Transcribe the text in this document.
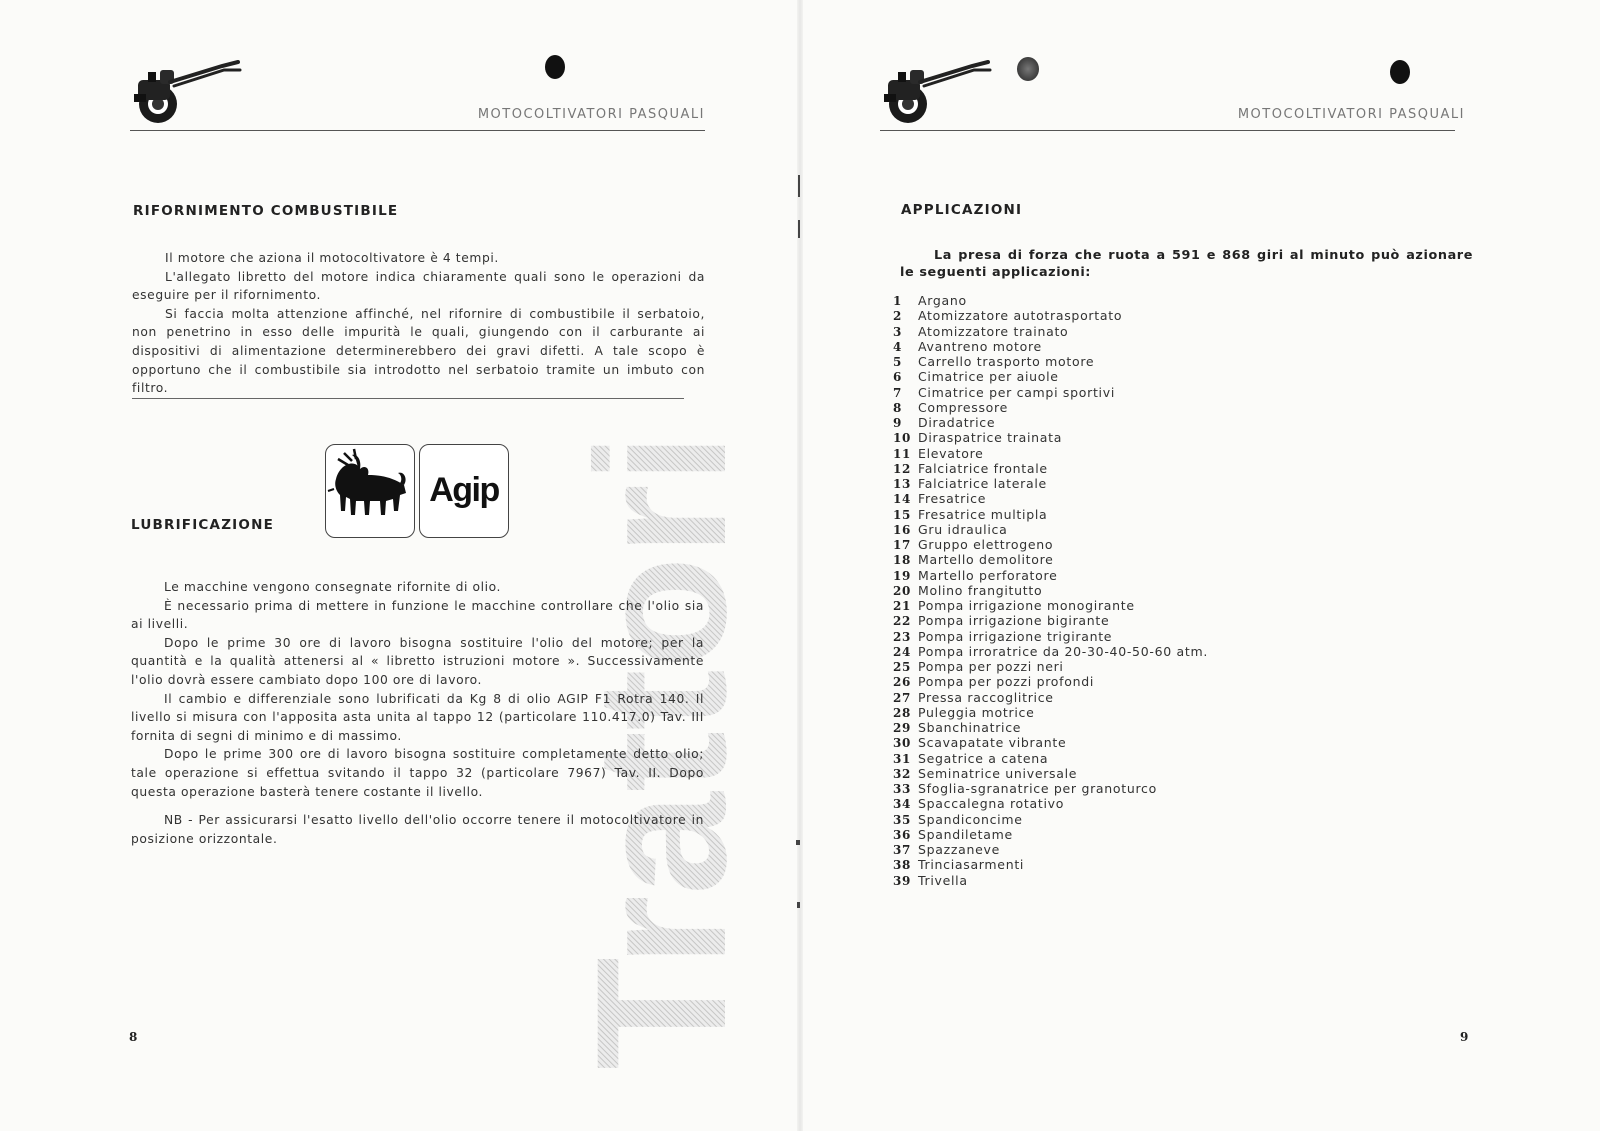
Trattori
MOTOCOLTIVATORI PASQUALI
RIFORNIMENTO COMBUSTIBILE

Il motore che aziona il motocoltivatore è 4 tempi.

L'allegato libretto del motore indica chiaramente quali sono le operazioni da eseguire per il rifornimento.

Si faccia molta attenzione affinché, nel rifornire di combustibile il serbatoio, non penetrino in esso delle impurità le quali, giungendo con il carburante ai dispositivi di alimentazione determinerebbero dei gravi difetti. A tale scopo è opportuno che il combustibile sia introdotto nel serbatoio tramite un imbuto con filtro.

Agip
LUBRIFICAZIONE

Le macchine vengono consegnate rifornite di olio.

È necessario prima di mettere in funzione le macchine controllare che l'olio sia ai livelli.

Dopo le prime 30 ore di lavoro bisogna sostituire l'olio del motore; per la quantità e la qualità attenersi al « libretto istruzioni motore ». Successivamente l'olio dovrà essere cambiato dopo 100 ore di lavoro.

Il cambio e differenziale sono lubrificati da Kg 8 di olio AGIP F1 Rotra 140. Il livello si misura con l'apposita asta unita al tappo 12 (particolare 110.417.0) Tav. III fornita di segni di minimo e di massimo.

Dopo le prime 300 ore di lavoro bisogna sostituire completamente detto olio; tale operazione si effettua svitando il tappo 32 (particolare 7967) Tav. II. Dopo questa operazione basterà tenere costante il livello.

NB - Per assicurarsi l'esatto livello dell'olio occorre tenere il motocoltivatore in posizione orizzontale.

8
MOTOCOLTIVATORI PASQUALI
APPLICAZIONI
La presa di forza che ruota a 591 e 868 giri al minuto può azionare le seguenti applicazioni:
1 Argano
2 Atomizzatore autotrasportato
3 Atomizzatore trainato
4 Avantreno motore
5 Carrello trasporto motore
6 Cimatrice per aiuole
7 Cimatrice per campi sportivi
8 Compressore
9 Diradatrice
10 Diraspatrice trainata
11 Elevatore
12 Falciatrice frontale
13 Falciatrice laterale
14 Fresatrice
15 Fresatrice multipla
16 Gru idraulica
17 Gruppo elettrogeno
18 Martello demolitore
19 Martello perforatore
20 Molino frangitutto
21 Pompa irrigazione monogirante
22 Pompa irrigazione bigirante
23 Pompa irrigazione trigirante
24 Pompa irroratrice da 20-30-40-50-60 atm.
25 Pompa per pozzi neri
26 Pompa per pozzi profondi
27 Pressa raccoglitrice
28 Puleggia motrice
29 Sbanchinatrice
30 Scavapatate vibrante
31 Segatrice a catena
32 Seminatrice universale
33 Sfoglia-sgranatrice per granoturco
34 Spaccalegna rotativo
35 Spandiconcime
36 Spandiletame
37 Spazzaneve
38 Trinciasarmenti
39 Trivella
9
